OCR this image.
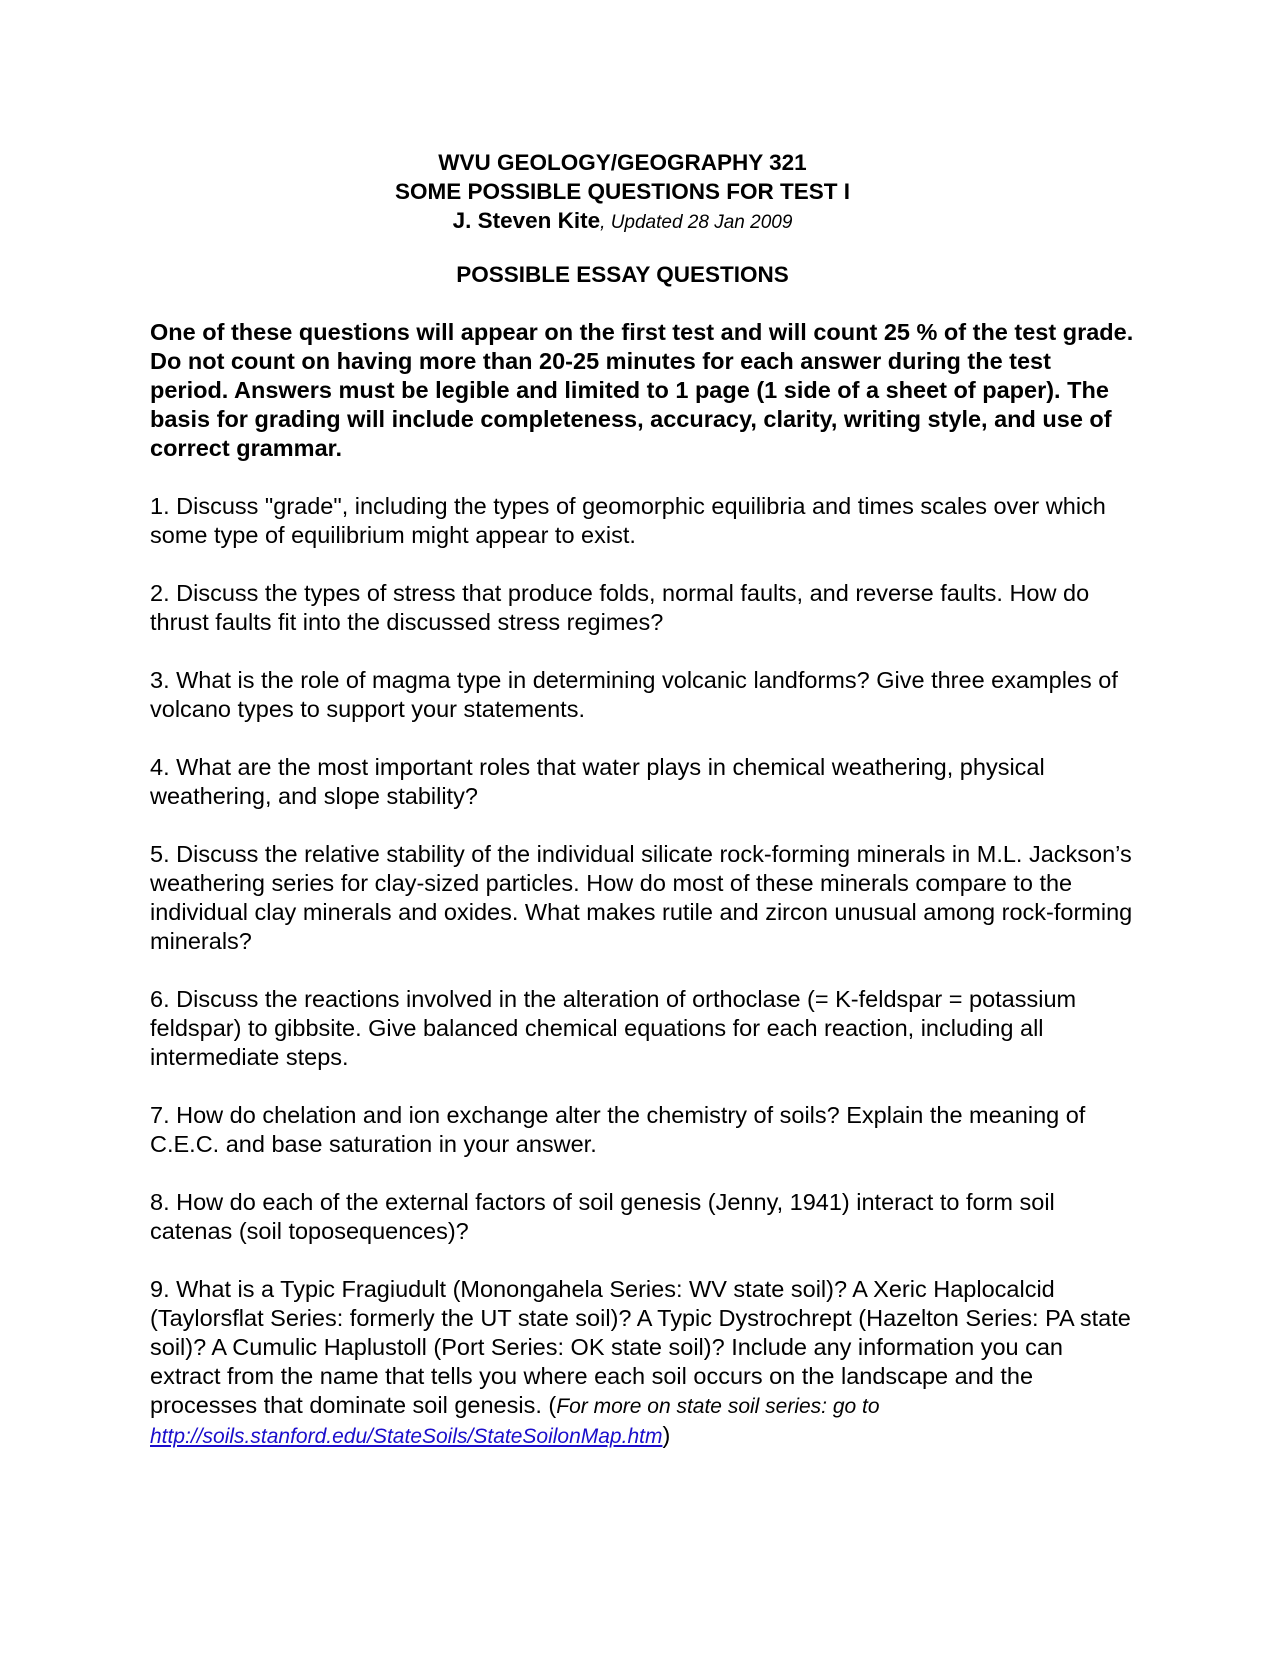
WVU GEOLOGY/GEOGRAPHY 321
SOME POSSIBLE QUESTIONS FOR TEST I
J. Steven Kite, Updated 28 Jan 2009
POSSIBLE ESSAY QUESTIONS
One of these questions will appear on the first test and will count 25 % of the test grade. Do not count on having more than 20-25 minutes for each answer during the test period. Answers must be legible and limited to 1 page (1 side of a sheet of paper). The basis for grading will include completeness, accuracy, clarity, writing style, and use of correct grammar.
1. Discuss "grade", including the types of geomorphic equilibria and times scales over which some type of equilibrium might appear to exist.
2. Discuss the types of stress that produce folds, normal faults, and reverse faults. How do thrust faults fit into the discussed stress regimes?
3. What is the role of magma type in determining volcanic landforms? Give three examples of volcano types to support your statements.
4. What are the most important roles that water plays in chemical weathering, physical weathering, and slope stability?
5. Discuss the relative stability of the individual silicate rock-forming minerals in M.L. Jackson’s weathering series for clay-sized particles. How do most of these minerals compare to the individual clay minerals and oxides. What makes rutile and zircon unusual among rock-forming minerals?
6. Discuss the reactions involved in the alteration of orthoclase (= K-feldspar = potassium feldspar) to gibbsite. Give balanced chemical equations for each reaction, including all intermediate steps.
7. How do chelation and ion exchange alter the chemistry of soils? Explain the meaning of C.E.C. and base saturation in your answer.
8. How do each of the external factors of soil genesis (Jenny, 1941) interact to form soil catenas (soil toposequences)?
9. What is a Typic Fragiudult (Monongahela Series: WV state soil)? A Xeric Haplocalcid (Taylorsflat Series: formerly the UT state soil)? A Typic Dystrochrept (Hazelton Series: PA state soil)? A Cumulic Haplustoll (Port Series: OK state soil)? Include any information you can extract from the name that tells you where each soil occurs on the landscape and the processes that dominate soil genesis. (For more on state soil series: go to http://soils.stanford.edu/StateSoils/StateSoilonMap.htm)
